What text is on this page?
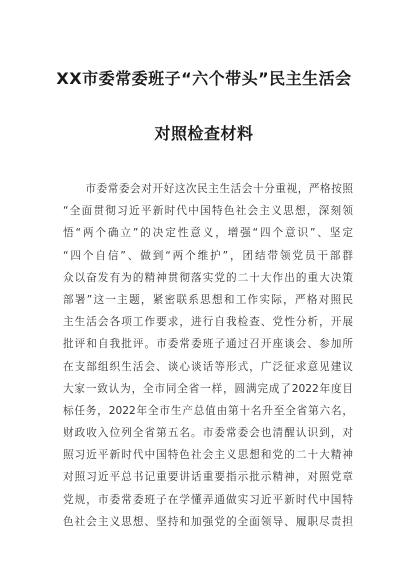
XX市委常委班子“六个带头”民主生活会
对照检查材料
　　市委常委会对开好这次民主生活会十分重视，严格按照
“全面贯彻习近平新时代中国特色社会主义思想，深刻领
悟“两个确立”的决定性意义，增强“四个意识”、坚定
“四个自信”、做到“两个维护”，团结带领党员干部群
众以奋发有为的精神贯彻落实党的二十大作出的重大决策
部署”这一主题，紧密联系思想和工作实际，严格对照民
主生活会各项工作要求，进行自我检查、党性分析，开展
批评和自我批评。市委常委班子通过召开座谈会、参加所
在支部组织生活会、谈心谈话等形式，广泛征求意见建议
大家一致认为，全市同全省一样，圆满完成了2022年度目
标任务，2022年全市生产总值由第十名升至全省第六名，
财政收入位列全省第五名。市委常委会也清醒认识到，对
照习近平新时代中国特色社会主义思想和党的二十大精神
对照习近平总书记重要讲话重要指示批示精神，对照党章
党规，市委常委班子在学懂弄通做实习近平新时代中国特
色社会主义思想、坚持和加强党的全面领导、履职尽责担
